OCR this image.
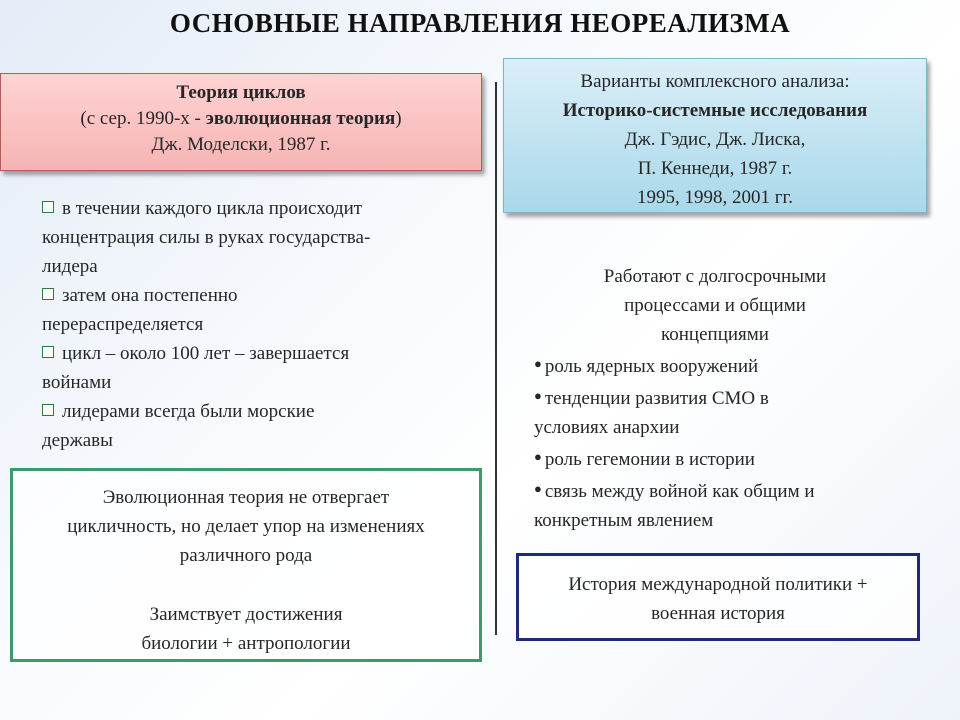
ОСНОВНЫЕ НАПРАВЛЕНИЯ НЕОРЕАЛИЗМА
Теория циклов
(с сер. 1990-х - эволюционная теория)
Дж. Моделски, 1987 г.
Варианты комплексного анализа:
Историко-системные исследования
Дж. Гэдис, Дж. Лиска,
П. Кеннеди, 1987 г.
1995, 1998, 2001 гг.

в течении каждого цикла происходит

концентрация силы в руках государства-

лидера

затем она постепенно

перераспределяется

цикл – около 100 лет – завершается

войнами

лидерами всегда были морские

державы

Работают с долгосрочными
процессами и общими
концепциями

● роль ядерных вооружений

● тенденции развития СМО в

условиях анархии

● роль гегемонии в истории

● связь между войной как общим и

конкретным явлением

Эволюционная теория не отвергает

цикличность, но делает упор на изменениях

различного рода

Заимствует достижения

биологии + антропологии

История международной политики +
военная история
